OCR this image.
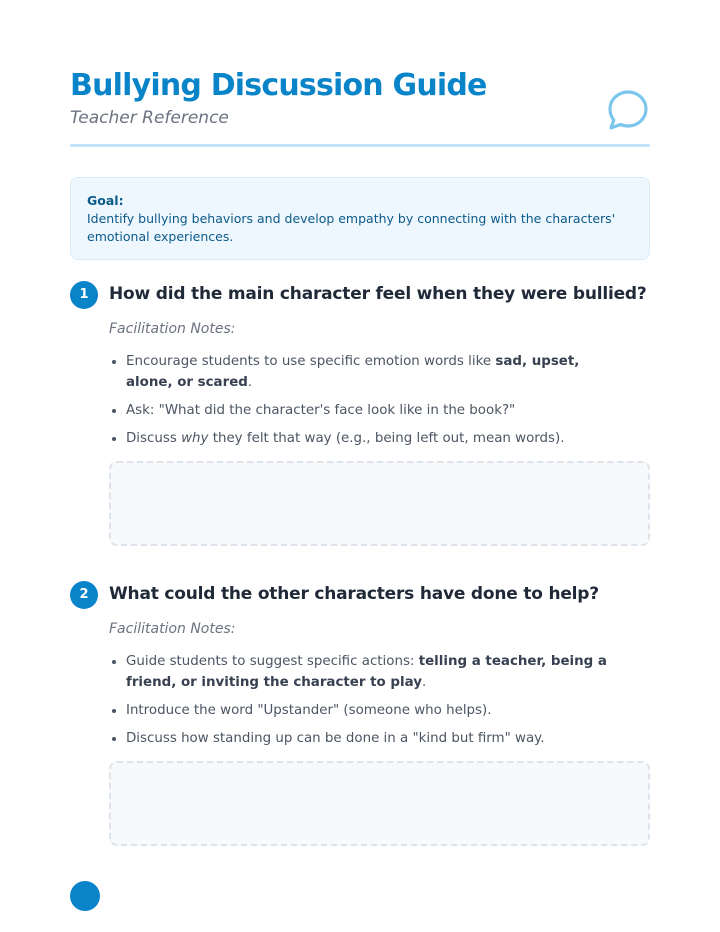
Bullying Discussion Guide
Teacher Reference
Goal:
Identify bullying behaviors and develop empathy by connecting with the characters' emotional experiences.
1	How did the main character feel when they were bullied?
Facilitation Notes:
Encourage students to use specific emotion words like sad, upset, alone, or scared.
Ask: "What did the character's face look like in the book?"
Discuss why they felt that way (e.g., being left out, mean words).
2	What could the other characters have done to help?
Facilitation Notes:
Guide students to suggest specific actions: telling a teacher, being a friend, or inviting the character to play.
Introduce the word "Upstander" (someone who helps).
Discuss how standing up can be done in a "kind but firm" way.
